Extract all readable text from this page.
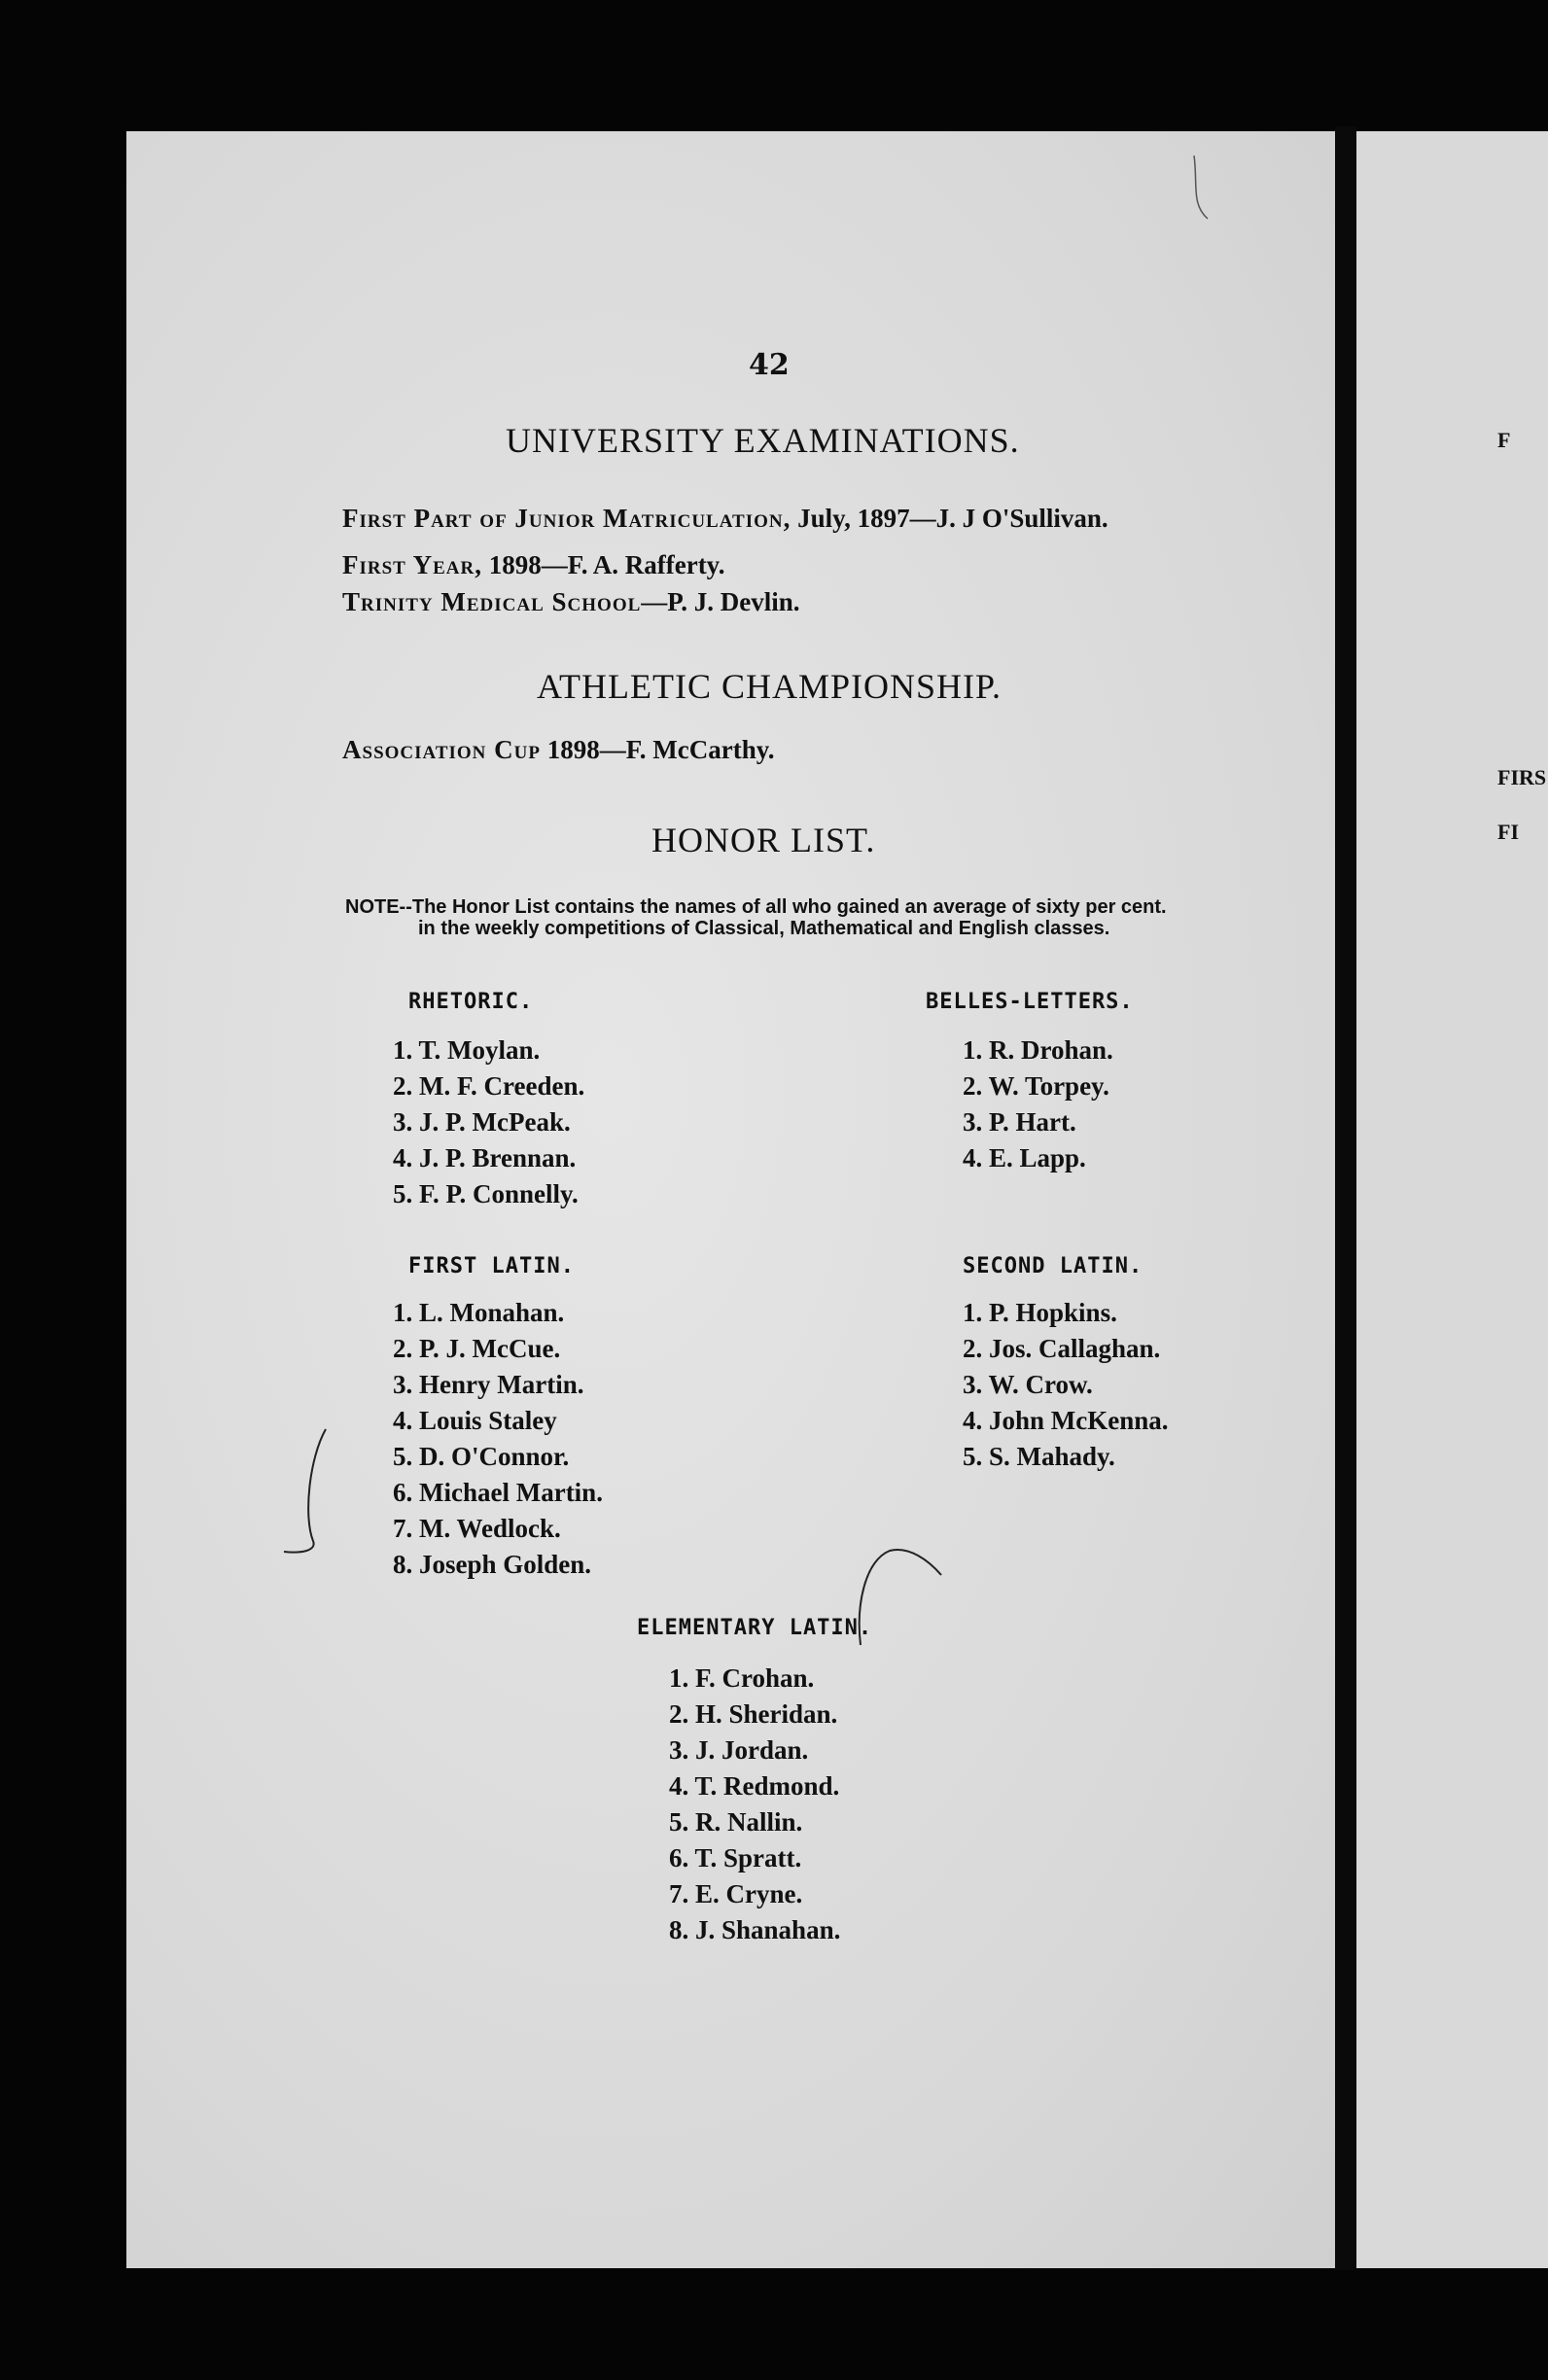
F
FIRS
FI
42
UNIVERSITY EXAMINATIONS.
First Part of Junior Matriculation, July, 1897—J. J O'Sullivan.
First Year, 1898—F. A. Rafferty.
Trinity Medical School—P. J. Devlin.
ATHLETIC CHAMPIONSHIP.
Association Cup 1898—F. McCarthy.
HONOR LIST.
NOTE--The Honor List contains the names of all who gained an average of sixty per cent.
in the weekly competitions of Classical, Mathematical and English classes.
RHETORIC.
1. T. Moylan.
2. M. F. Creeden.
3. J. P. McPeak.
4. J. P. Brennan.
5. F. P. Connelly.
BELLES-LETTERS.
1. R. Drohan.
2. W. Torpey.
3. P. Hart.
4. E. Lapp.
FIRST LATIN.
1. L. Monahan.
2. P. J. McCue.
3. Henry Martin.
4. Louis Staley
5. D. O'Connor.
6. Michael Martin.
7. M. Wedlock.
8. Joseph Golden.
SECOND LATIN.
1. P. Hopkins.
2. Jos. Callaghan.
3. W. Crow.
4. John McKenna.
5. S. Mahady.
ELEMENTARY LATIN.
1. F. Crohan.
2. H. Sheridan.
3. J. Jordan.
4. T. Redmond.
5. R. Nallin.
6. T. Spratt.
7. E. Cryne.
8. J. Shanahan.
